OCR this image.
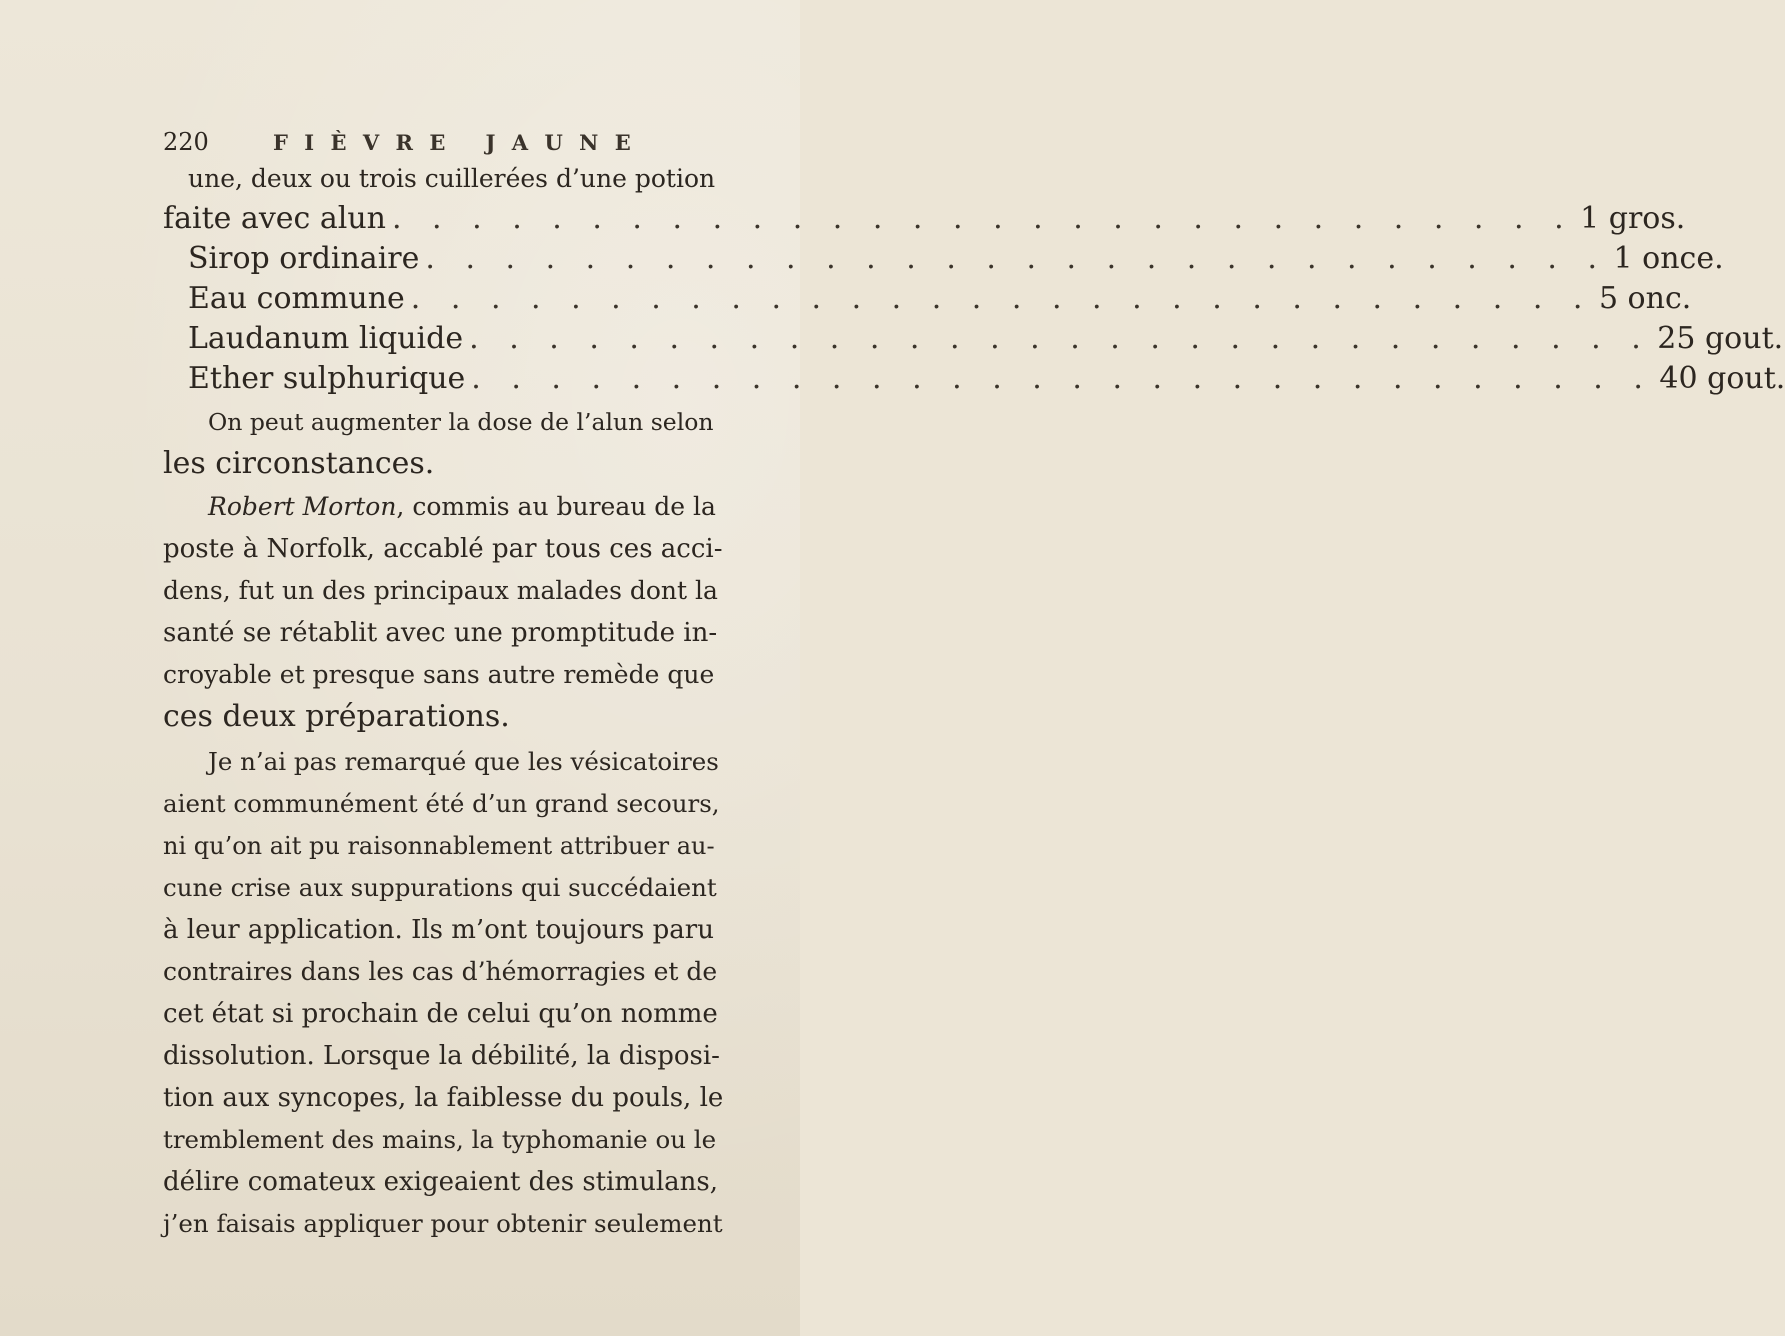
220	FIÈVRE JAUNE
une, deux ou trois cuillerées d’une potion
faite avec alun . . . . . . . . . . . . . . . . . . . . . . . . . . . . . . 1 gros.
Sirop ordinaire . . . . . . . . . . . . . . . . . . . . . . . . . . . . . . 1 once.
Eau commune . . . . . . . . . . . . . . . . . . . . . . . . . . . . . . 5 onc.
Laudanum liquide . . . . . . . . . . . . . . . . . . . . . . . . . . . . . . 25 gout.
Ether sulphurique . . . . . . . . . . . . . . . . . . . . . . . . . . . . . . 40 gout.
On peut augmenter la dose de l’alun selon
les circonstances.
Robert Morton, commis au bureau de la
poste à Norfolk, accablé par tous ces acci-
dens, fut un des principaux malades dont la
santé se rétablit avec une promptitude in-
croyable et presque sans autre remède que
ces deux préparations.
Je n’ai pas remarqué que les vésicatoires
aient communément été d’un grand secours,
ni qu’on ait pu raisonnablement attribuer au-
cune crise aux suppurations qui succédaient
à leur application. Ils m’ont toujours paru
contraires dans les cas d’hémorragies et de
cet état si prochain de celui qu’on nomme
dissolution. Lorsque la débilité, la disposi-
tion aux syncopes, la faiblesse du pouls, le
tremblement des mains, la typhomanie ou le
délire comateux exigeaient des stimulans,
j’en faisais appliquer pour obtenir seulement
